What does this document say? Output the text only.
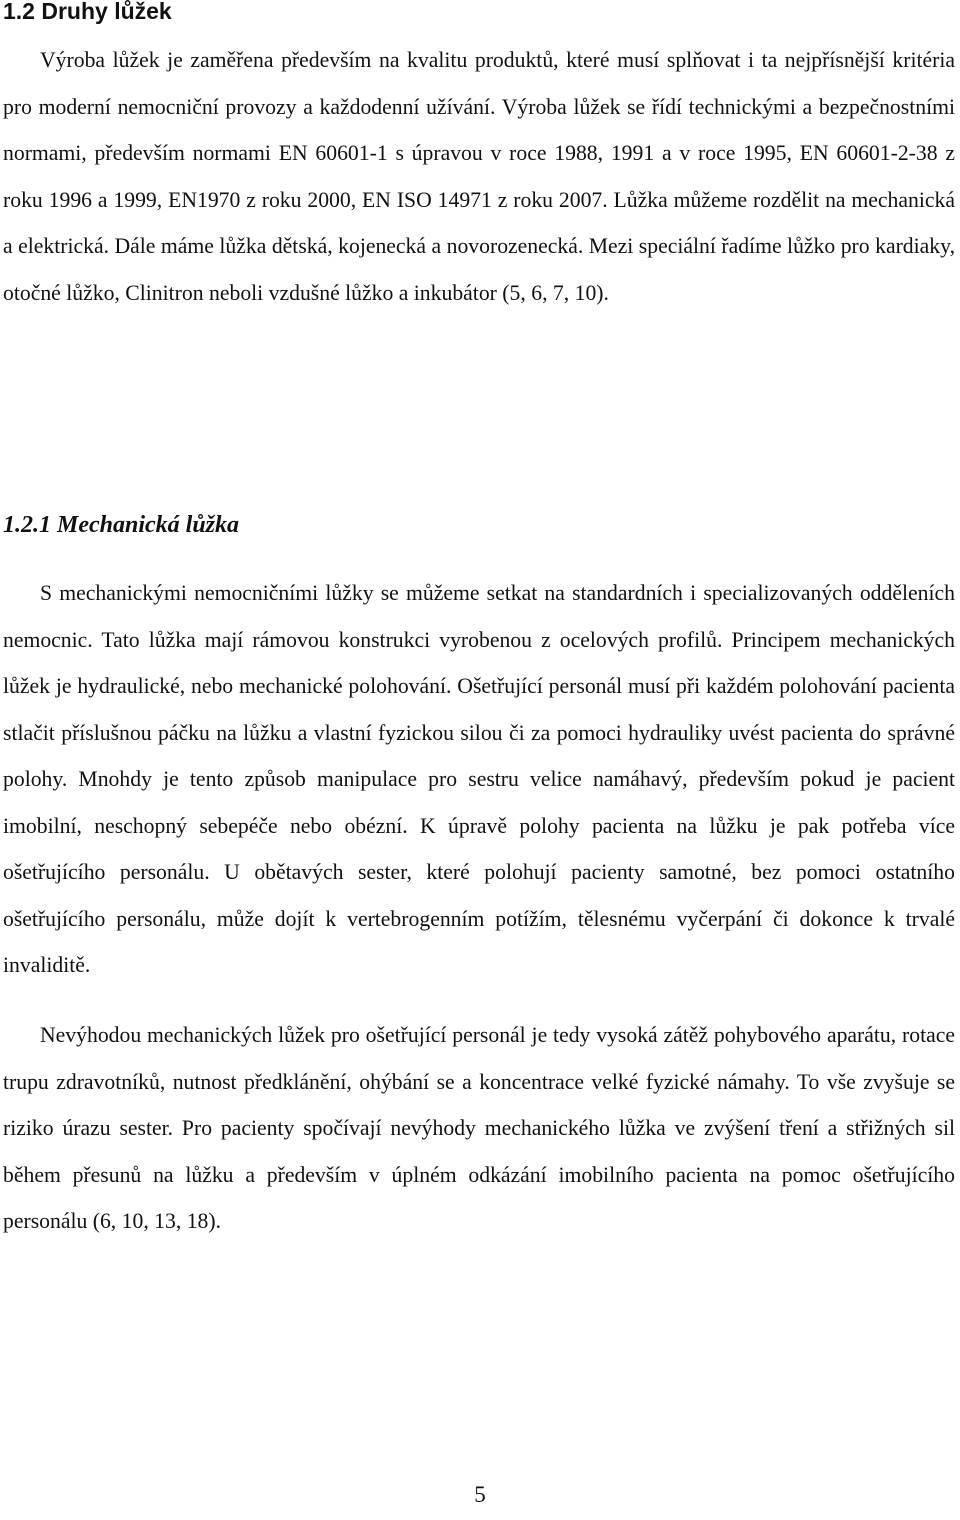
1.2 Druhy lůžek

Výroba lůžek je zaměřena především na kvalitu produktů, které musí splňovat i ta nejpřísnější kritéria pro moderní nemocniční provozy a každodenní užívání. Výroba lůžek se řídí technickými a bezpečnostními normami, především normami EN 60601-1 s úpravou v roce 1988, 1991 a v roce 1995, EN 60601-2-38 z roku 1996 a 1999, EN1970 z roku 2000, EN ISO 14971 z roku 2007. Lůžka můžeme rozdělit na mechanická a elektrická. Dále máme lůžka dětská, kojenecká a novorozenecká. Mezi speciální řadíme lůžko pro kardiaky, otočné lůžko, Clinitron neboli vzdušné lůžko a inkubátor (5, 6, 7, 10).

1.2.1 Mechanická lůžka

S mechanickými nemocničními lůžky se můžeme setkat na standardních i specializovaných odděleních nemocnic. Tato lůžka mají rámovou konstrukci vyrobenou z ocelových profilů. Principem mechanických lůžek je hydraulické, nebo mechanické polohování. Ošetřující personál musí při každém polohování pacienta stlačit příslušnou páčku na lůžku a vlastní fyzickou silou či za pomoci hydrauliky uvést pacienta do správné polohy. Mnohdy je tento způsob manipulace pro sestru velice namáhavý, především pokud je pacient imobilní, neschopný sebepéče nebo obézní. K úpravě polohy pacienta na lůžku je pak potřeba více ošetřujícího personálu. U obětavých sester, které polohují pacienty samotné, bez pomoci ostatního ošetřujícího personálu, může dojít k vertebrogenním potížím, tělesnému vyčerpání či dokonce k trvalé invaliditě.

Nevýhodou mechanických lůžek pro ošetřující personál je tedy vysoká zátěž pohybového aparátu, rotace trupu zdravotníků, nutnost předklánění, ohýbání se a koncentrace velké fyzické námahy. To vše zvyšuje se riziko úrazu sester. Pro pacienty spočívají nevýhody mechanického lůžka ve zvýšení tření a střižných sil během přesunů na lůžku a především v úplném odkázání imobilního pacienta na pomoc ošetřujícího personálu (6, 10, 13, 18).

5
